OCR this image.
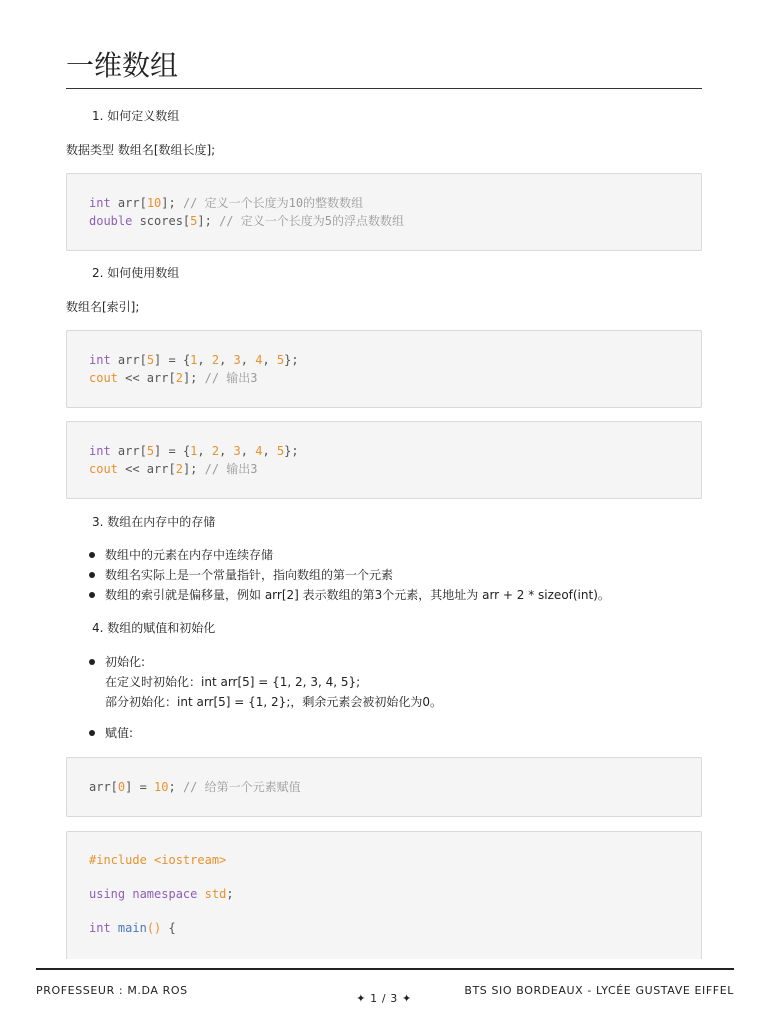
一维数组
1. 如何定义数组
数据类型 数组名[数组长度];
int arr[10]; // 定义一个长度为10的整数数组
double scores[5]; // 定义一个长度为5的浮点数数组
2. 如何使用数组
数组名[索引];
int arr[5] = {1, 2, 3, 4, 5};
cout << arr[2]; // 输出3
int arr[5] = {1, 2, 3, 4, 5};
cout << arr[2]; // 输出3
3. 数组在内存中的存储
数组中的元素在内存中连续存储
数组名实际上是一个常量指针，指向数组的第一个元素
数组的索引就是偏移量，例如 arr[2] 表示数组的第3个元素，其地址为 arr + 2 * sizeof(int)。
4. 数组的赋值和初始化
初始化:
在定义时初始化：int arr[5] = {1, 2, 3, 4, 5};
部分初始化：int arr[5] = {1, 2};，剩余元素会被初始化为0。
赋值:
arr[0] = 10; // 给第一个元素赋值
#include <iostream>

using namespace std;

int main() {
PROFESSEUR : M.DA ROS
✦ 1 / 3 ✦
BTS SIO BORDEAUX - LYCÉE GUSTAVE EIFFEL
